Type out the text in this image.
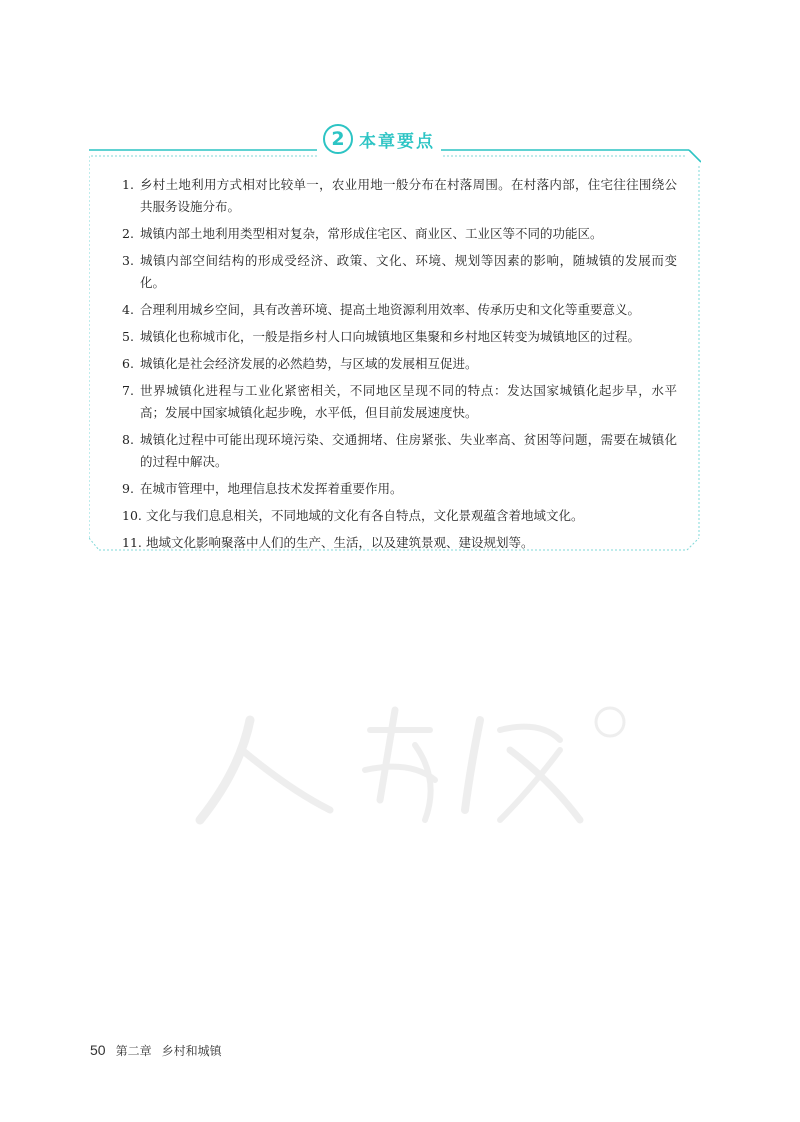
2 本章要点
1. 乡村土地利用方式相对比较单一，农业用地一般分布在村落周围。在村落内部，住宅往往围绕公共服务设施分布。
2. 城镇内部土地利用类型相对复杂，常形成住宅区、商业区、工业区等不同的功能区。
3. 城镇内部空间结构的形成受经济、政策、文化、环境、规划等因素的影响，随城镇的发展而变化。
4. 合理利用城乡空间，具有改善环境、提高土地资源利用效率、传承历史和文化等重要意义。
5. 城镇化也称城市化，一般是指乡村人口向城镇地区集聚和乡村地区转变为城镇地区的过程。
6. 城镇化是社会经济发展的必然趋势，与区域的发展相互促进。
7. 世界城镇化进程与工业化紧密相关，不同地区呈现不同的特点：发达国家城镇化起步早，水平高；发展中国家城镇化起步晚，水平低，但目前发展速度快。
8. 城镇化过程中可能出现环境污染、交通拥堵、住房紧张、失业率高、贫困等问题，需要在城镇化的过程中解决。
9. 在城市管理中，地理信息技术发挥着重要作用。
10. 文化与我们息息相关，不同地域的文化有各自特点，文化景观蕴含着地域文化。
11. 地域文化影响聚落中人们的生产、生活，以及建筑景观、建设规划等。
50 第二章 乡村和城镇
